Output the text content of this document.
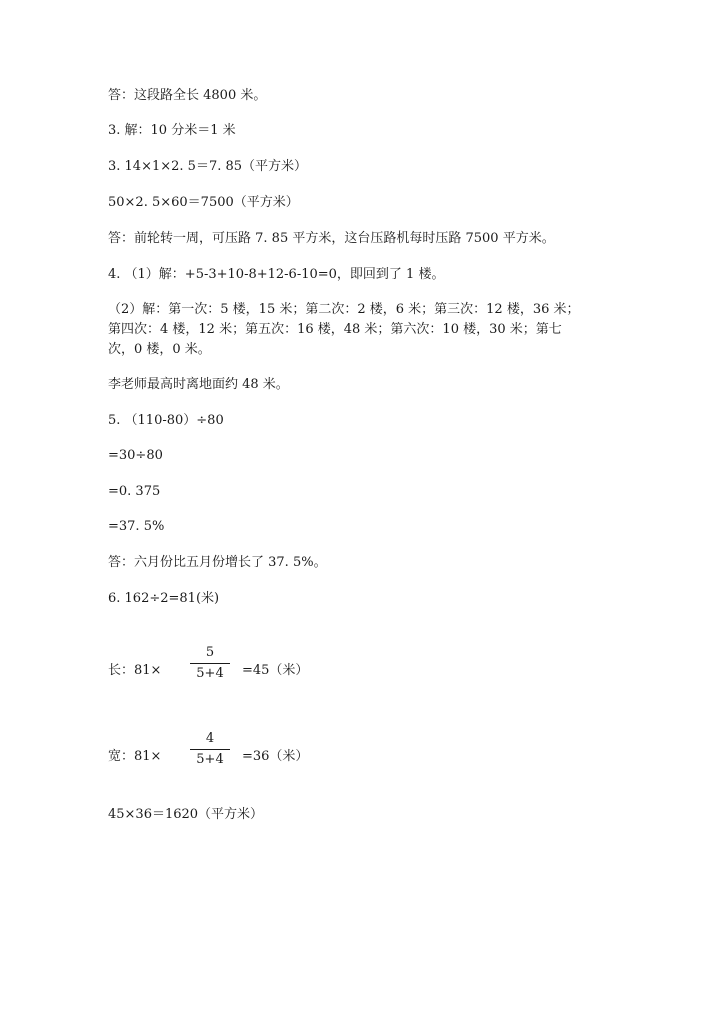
答：这段路全长 4800 米。
3. 解：10 分米＝1 米
3. 14×1×2. 5＝7. 85（平方米）
50×2. 5×60＝7500（平方米）
答：前轮转一周，可压路 7. 85 平方米，这台压路机每时压路 7500 平方米。
4. （1）解：+5-3+10-8+12-6-10=0，即回到了 1 楼。
（2）解：第一次：5 楼，15 米；第二次：2 楼，6 米；第三次：12 楼，36 米；
第四次：4 楼，12 米；第五次：16 楼，48 米；第六次：10 楼，30 米；第七
次，0 楼，0 米。
李老师最高时离地面约 48 米。
5. （110-80）÷80
=30÷80
=0. 375
=37. 5%
答：六月份比五月份增长了 37. 5%。
6. 162÷2=81(米)
长：81×
5
5+4	=45（米）
宽：81×
4
5+4	=36（米）
45×36＝1620（平方米）
